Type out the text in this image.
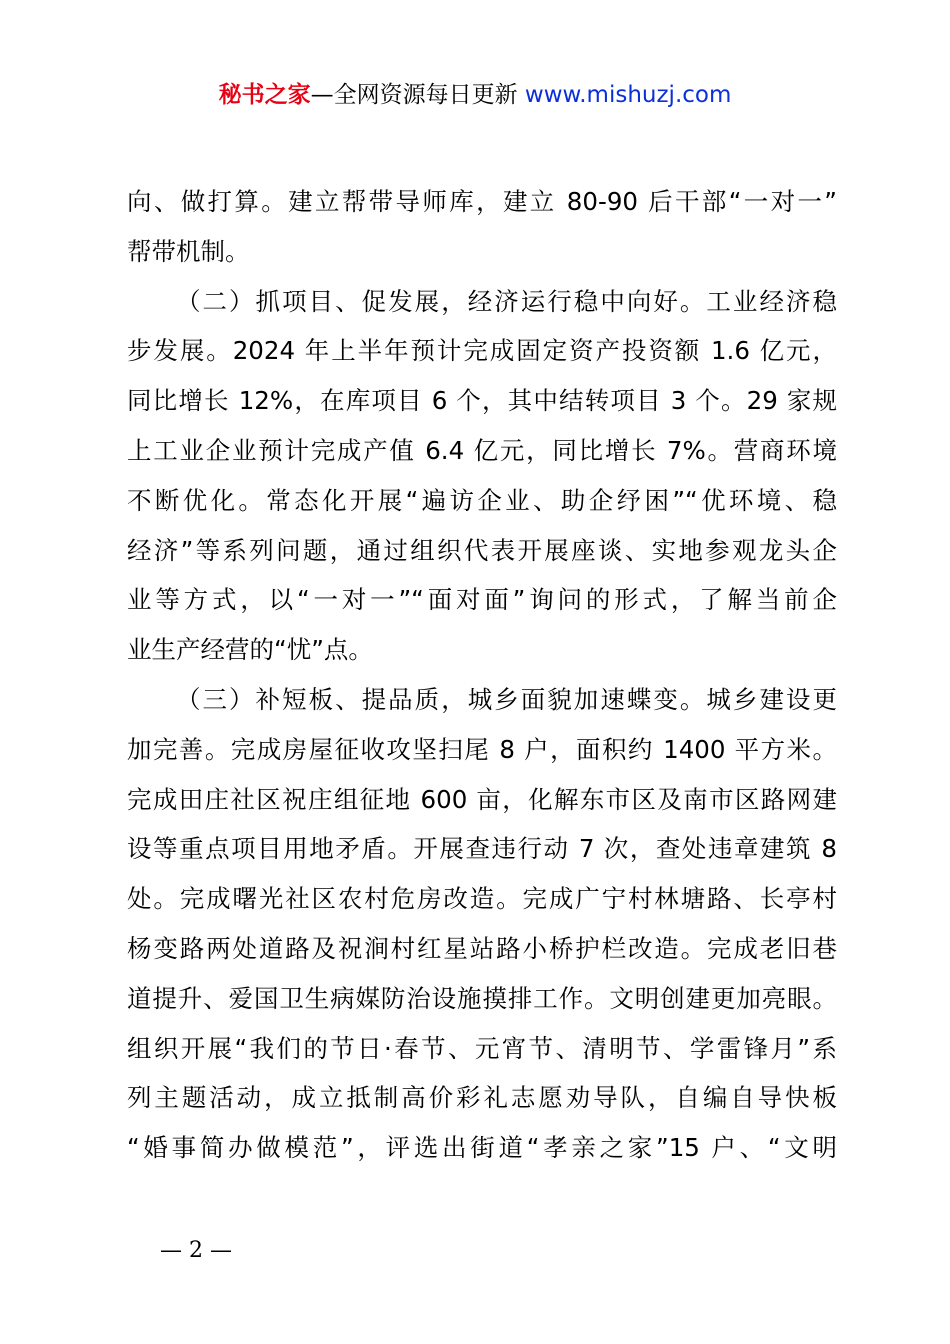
秘书之家—全网资源每日更新 www.mishuzj.com
向、做打算。建立帮带导师库，建立 80-90 后干部“一对一”
帮带机制。
（二）抓项目、促发展，经济运行稳中向好。工业经济稳
步发展。2024 年上半年预计完成固定资产投资额 1.6 亿元，
同比增长 12%，在库项目 6 个，其中结转项目 3 个。29 家规
上工业企业预计完成产值 6.4 亿元，同比增长 7%。营商环境
不断优化。常态化开展“遍访企业、助企纾困”“优环境、稳
经济”等系列问题，通过组织代表开展座谈、实地参观龙头企
业等方式，以“一对一”“面对面”询问的形式，了解当前企
业生产经营的“忧”点。
（三）补短板、提品质，城乡面貌加速蝶变。城乡建设更
加完善。完成房屋征收攻坚扫尾 8 户，面积约 1400 平方米。
完成田庄社区祝庄组征地 600 亩，化解东市区及南市区路网建
设等重点项目用地矛盾。开展查违行动 7 次，查处违章建筑 8
处。完成曙光社区农村危房改造。完成广宁村林塘路、长亭村
杨变路两处道路及祝涧村红星站路小桥护栏改造。完成老旧巷
道提升、爱国卫生病媒防治设施摸排工作。文明创建更加亮眼。
组织开展“我们的节日·春节、元宵节、清明节、学雷锋月”系
列主题活动，成立抵制高价彩礼志愿劝导队，自编自导快板
“婚事简办做模范”，评选出街道“孝亲之家”15 户、“文明
— 2 —
